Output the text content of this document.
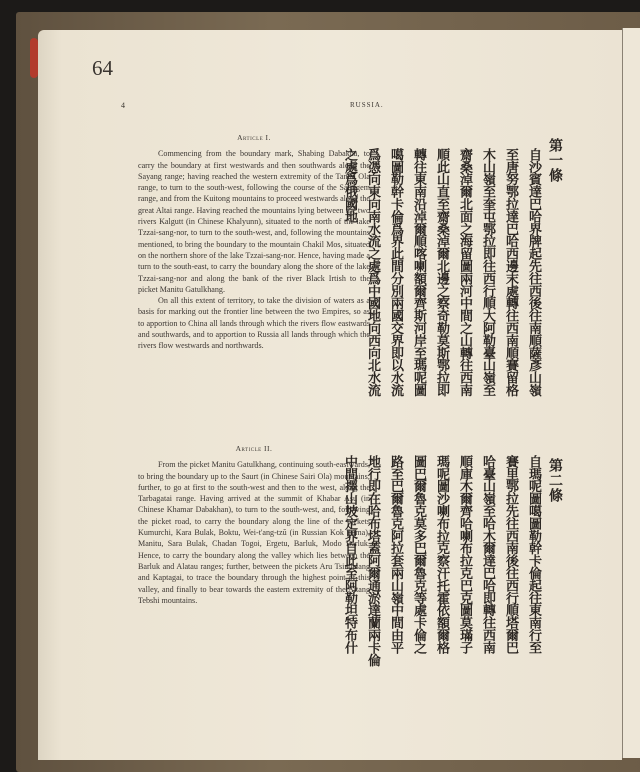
64
4	RUSSIA.
Article I.

Commencing from the boundary mark, Shabing Dabakha, to carry the boundary at first westwards and then southwards along the Sayang range; having reached the western extremity of the Tannu Ola range, to turn to the south-west, following the course of the Sailugem range, and from the Kuitong mountains to proceed westwards along the great Altai range. Having reached the mountains lying between the two rivers Kalgutt (in Chinese Khalyunn), situated to the north of the lake Tzzai-sang-nor, to turn to the south-west, and, following the mountains mentioned, to bring the boundary to the mountain Chakil Mos, situated on the northern shore of the lake Tzzai-sang-nor. Hence, having made a turn to the south-east, to carry the boundary along the shore of the lake Tzzai-sang-nor and along the bank of the river Black Irtish to the picket Manitu Gatulkhang.

On all this extent of territory, to take the division of waters as a basis for marking out the frontier line between the two Empires, so as to apportion to China all lands through which the rivers flow eastwards and southwards, and to apportion to Russia all lands through which the rivers flow westwards and northwards.

Article II.

From the picket Manitu Gatulkhang, continuing south-eastwards, to bring the boundary up to the Saurt (in Chinese Sairi Ola) mountains; further, to go at first to the south-west and then to the west, along the Tarbagatai range. Having arrived at the summit of Khabar Asu (in Chinese Khamar Dabakhan), to turn to the south-west, and, following the picket road, to carry the boundary along the line of the pickets Kumurchi, Kara Bulak, Boktu, Wei-t'ang-tzŭ (in Russian Kok Tuma), Manitu, Sara Bulak, Chadan Togoi, Ergetu, Barluk, Modo Barluk. Hence, to carry the boundary along the valley which lies between the Barluk and Alatau ranges; further, between the pickets Aru Tsindalang and Kaptagai, to trace the boundary through the highest point of this valley, and finally to bear towards the eastern extremity of the Altang Tebshi mountains.

第一條
自沙賓達巴哈界牌起先往西後往南順薩彥山嶺
至唐努鄂拉達巴哈西邊末處轉往西南順賽留格
木山嶺至奎屯鄂拉即往西行順大阿勒臺山嶺至
齋桑淖爾北面之海留圖兩河中間之山轉往西南
順此山直至齋桑淖爾北邊之察奇勒莫斯鄂拉即
轉往東南沿淖爾順喀喇額爾齊斯河岸至瑪呢圖
噶圖勒幹卡倫爲界此間分別兩國交界即以水流
爲憑向東向南水流之處爲中國地向西向北水流
之處爲俄國地
第二條
自瑪呢圖噶圖勒幹卡倫起往東南行至
賽里鄂拉先往西南後往西行順塔爾巴
哈臺山嶺至哈木爾達巴哈即轉往西南
順庫木爾齊哈喇布拉克巴克圖莫璊子
瑪呢圖沙喇布拉克察汗托霍依額爾格
圖巴爾魯克莫多巴爾魯克等處卡倫之
路至巴爾魯克阿拉套兩山嶺中間由平
地行即在哈布塔蓋阿爾通淤達蘭兩卡倫
中間擇山坡定界自此至阿勒坦特布什
